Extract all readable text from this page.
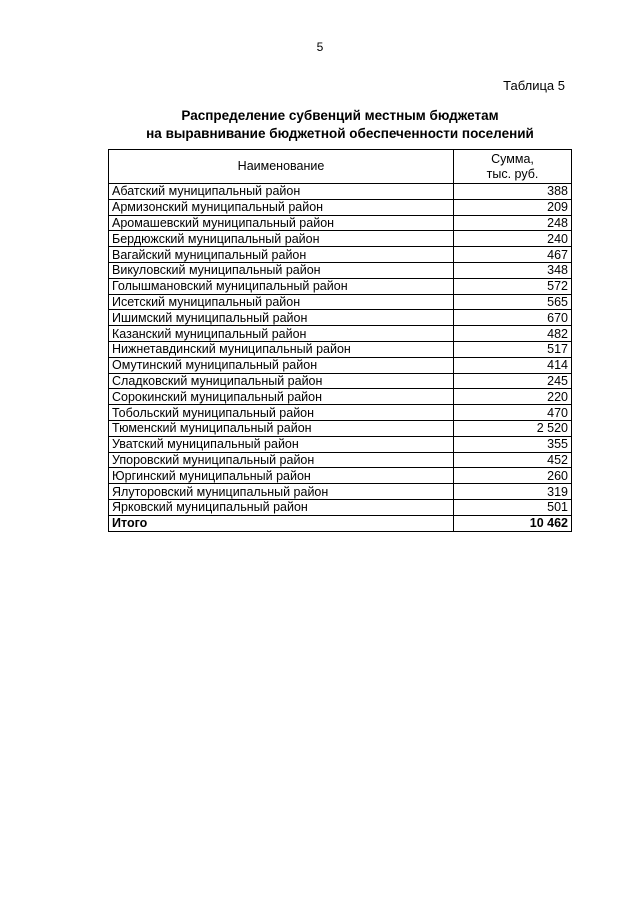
5
Таблица 5
Распределение субвенций местным бюджетам
на выравнивание бюджетной обеспеченности поселений
Наименование	Сумма,
тыс. руб.
Абатский муниципальный район	388
Армизонский муниципальный район	209
Аромашевский муниципальный район	248
Бердюжский муниципальный район	240
Вагайский муниципальный район	467
Викуловский муниципальный район	348
Голышмановский муниципальный район	572
Исетский муниципальный район	565
Ишимский муниципальный район	670
Казанский муниципальный район	482
Нижнетавдинский муниципальный район	517
Омутинский муниципальный район	414
Сладковский муниципальный район	245
Сорокинский муниципальный район	220
Тобольский муниципальный район	470
Тюменский муниципальный район	2 520
Уватский муниципальный район	355
Упоровский муниципальный район	452
Юргинский муниципальный район	260
Ялуторовский муниципальный район	319
Ярковский муниципальный район	501
Итого	10 462
